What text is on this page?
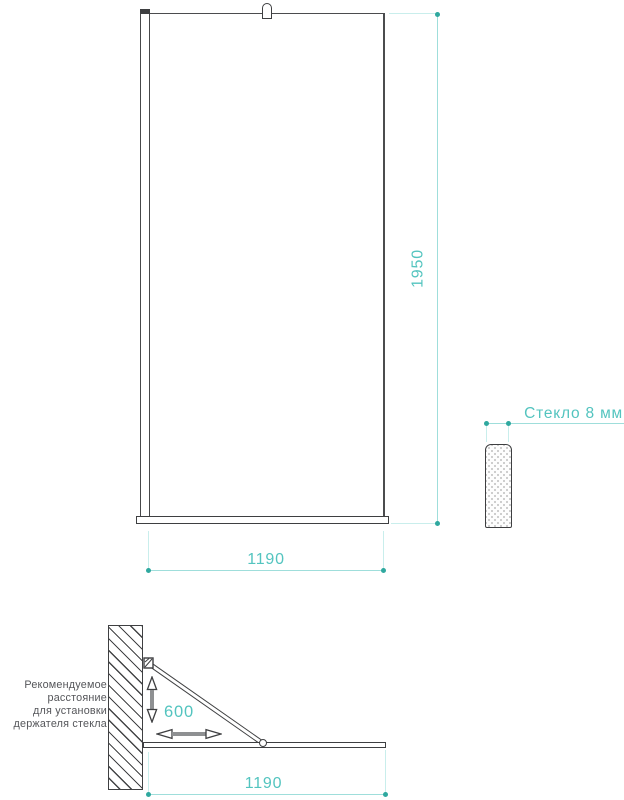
1950
1190
Стекло 8 мм
600
1190
Рекомендуемое
расстояние
для установки
держателя стекла
